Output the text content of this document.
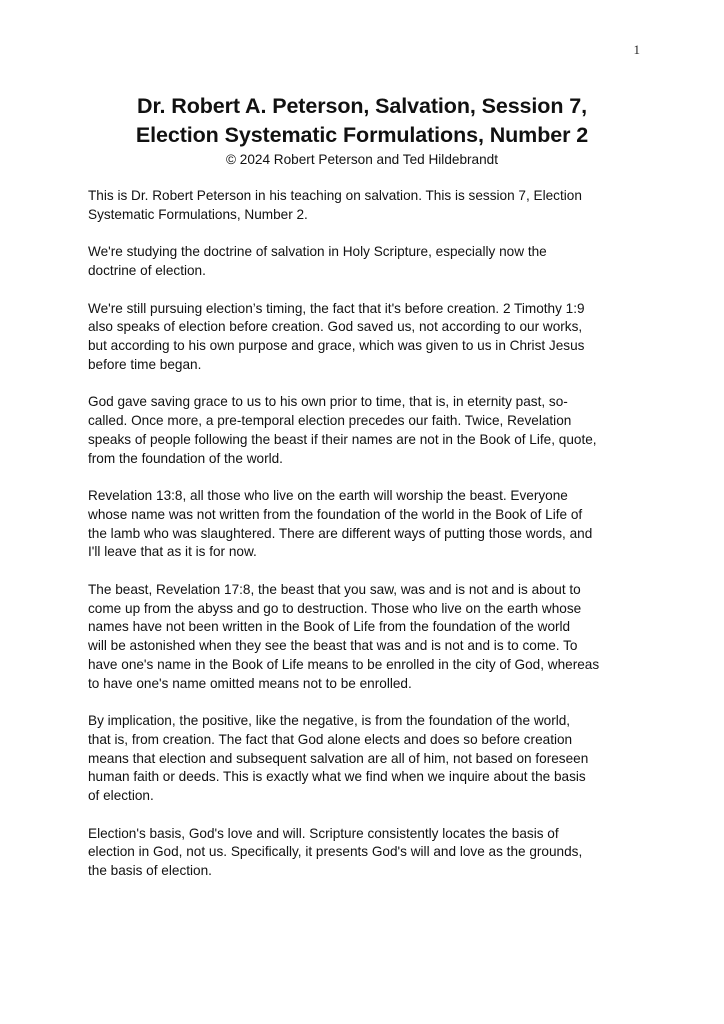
1
Dr. Robert A. Peterson, Salvation, Session 7,
Election Systematic Formulations, Number 2
© 2024 Robert Peterson and Ted Hildebrandt

This is Dr. Robert Peterson in his teaching on salvation. This is session 7, Election
Systematic Formulations, Number 2.

We're studying the doctrine of salvation in Holy Scripture, especially now the
doctrine of election.

We're still pursuing election’s timing, the fact that it's before creation. 2 Timothy 1:9
also speaks of election before creation. God saved us, not according to our works,
but according to his own purpose and grace, which was given to us in Christ Jesus
before time began.

God gave saving grace to us to his own prior to time, that is, in eternity past, so-
called. Once more, a pre-temporal election precedes our faith. Twice, Revelation
speaks of people following the beast if their names are not in the Book of Life, quote,
from the foundation of the world.

Revelation 13:8, all those who live on the earth will worship the beast. Everyone
whose name was not written from the foundation of the world in the Book of Life of
the lamb who was slaughtered. There are different ways of putting those words, and
I'll leave that as it is for now.

The beast, Revelation 17:8, the beast that you saw, was and is not and is about to
come up from the abyss and go to destruction. Those who live on the earth whose
names have not been written in the Book of Life from the foundation of the world
will be astonished when they see the beast that was and is not and is to come. To
have one's name in the Book of Life means to be enrolled in the city of God, whereas
to have one's name omitted means not to be enrolled.

By implication, the positive, like the negative, is from the foundation of the world,
that is, from creation. The fact that God alone elects and does so before creation
means that election and subsequent salvation are all of him, not based on foreseen
human faith or deeds. This is exactly what we find when we inquire about the basis
of election.

Election's basis, God's love and will. Scripture consistently locates the basis of
election in God, not us. Specifically, it presents God's will and love as the grounds,
the basis of election.
